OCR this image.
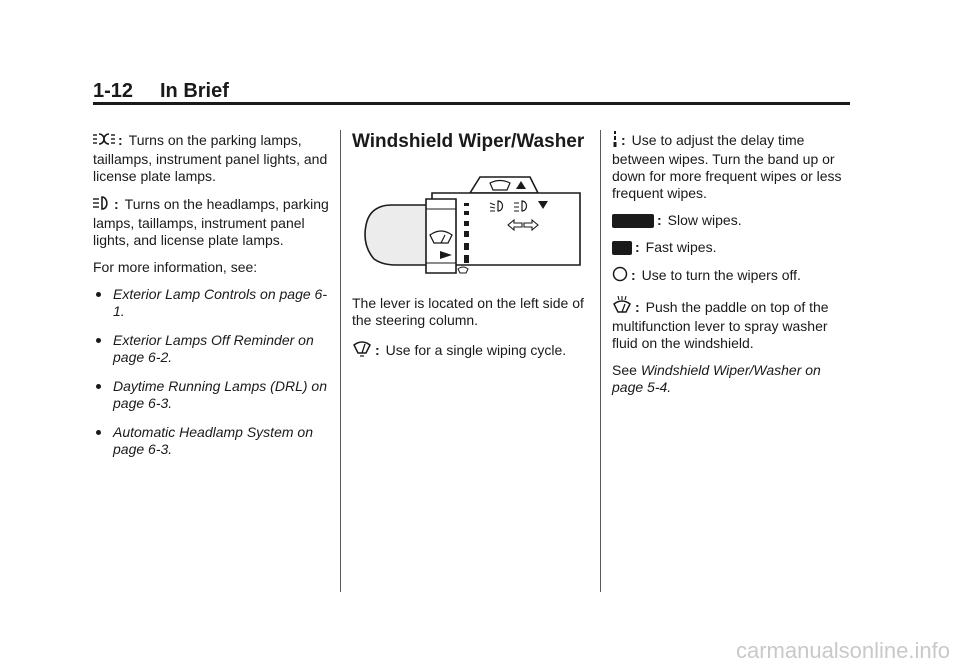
1-12 In Brief

: Turns on the parking lamps, taillamps, instrument panel lights, and license plate lamps.

: Turns on the headlamps, parking lamps, taillamps, instrument panel lights, and license plate lamps.

For more information, see:

Exterior Lamp Controls on page 6-1.
Exterior Lamps Off Reminder on page 6-2.
Daytime Running Lamps (DRL) on page 6-3.
Automatic Headlamp System on page 6-3.
Windshield Wiper/Washer

The lever is located on the left side of the steering column.

: Use for a single wiping cycle.

: Use to adjust the delay time between wipes. Turn the band up or down for more frequent wipes or less frequent wipes.

: Slow wipes.

: Fast wipes.

: Use to turn the wipers off.

: Push the paddle on top of the multifunction lever to spray washer fluid on the windshield.

See Windshield Wiper/Washer on page 5-4.

carmanualsonline.info
